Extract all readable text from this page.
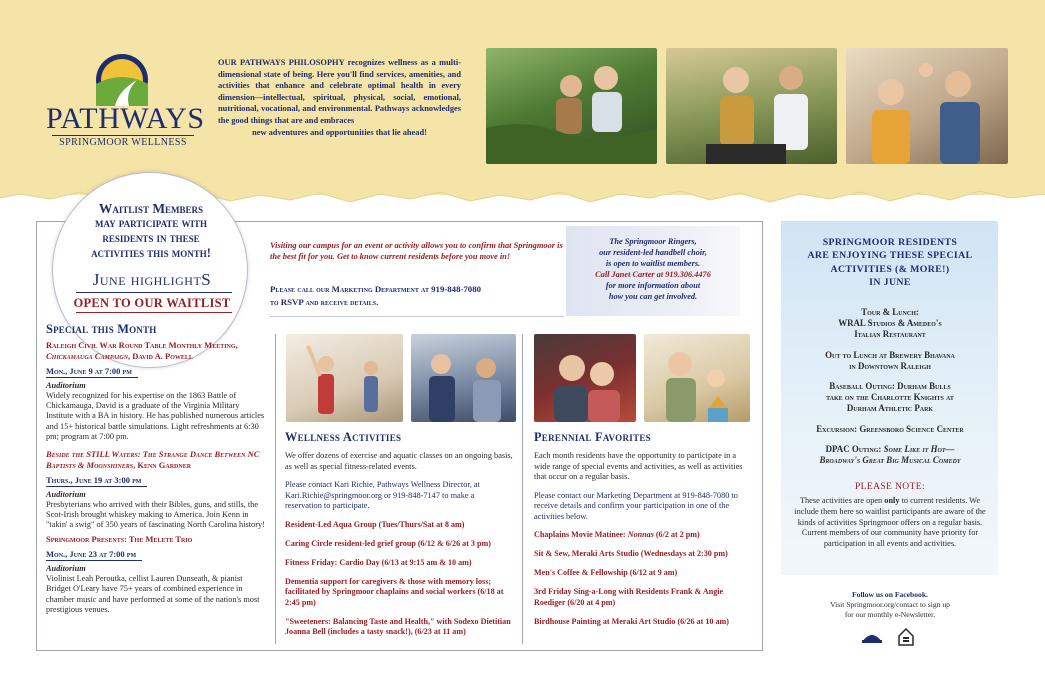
PATHWAYS
SPRINGMOOR WELLNESS
OUR PATHWAYS PHILOSOPHY recognizes wellness as a multi-dimensional state of being. Here you'll find services, amenities, and activities that enhance and celebrate optimal health in every dimension—intellectual, spiritual, physical, social, emotional, nutritional, vocational, and environmental. Pathways acknowledges the good things that are and embraces
new adventures and opportunities that lie ahead!
Waitlist Members
may participate with
residents in these
activities this month!
June highlightS
OPEN TO OUR WAITLIST
Special this Month
Raleigh Civil War Round Table Monthly Meeting, Chickamauga Campaign, David A. Powell
Mon., June 9 at 7:00 pm
Auditorium
Widely recognized for his expertise on the 1863 Battle of Chickamauga, David is a graduate of the Virginia Military Institute with a BA in history. He has published numerous articles and 15+ historical battle simulations. Light refreshments at 6:30 pm; program at 7:00 pm.
Beside the STILL Waters: The Strange Dance Between NC Baptists & Moonshiners, Kenn Gardner
Thurs., June 19 at 3:00 pm
Auditorium
Presbyterians who arrived with their Bibles, guns, and stills, the Scot-Irish brought whiskey making to America. Join Kenn in "takin' a swig" of 350 years of fascinating North Carolina history!
Springmoor Presents: The Melete Trio
Mon., June 23 at 7:00 pm
Auditorium
Violinist Leah Peroutka, cellist Lauren Dunseath, & pianist Bridget O'Leary have 75+ years of combined experience in chamber music and have performed at some of the nation's most prestigious venues.
Visiting our campus for an event or activity allows you to confirm that Springmoor is the best fit for you. Get to know current residents before you move in!
Please call our Marketing Department at 919-848-7080
to RSVP and receive details.
The Springmoor Ringers,
our resident-led handbell choir,
is open to waitlist members.
Call Janet Carter at 919.306.4476
for more information about
how you can get involved.
Wellness Activities
We offer dozens of exercise and aquatic classes on an ongoing basis, as well as special fitness-related events.
Please contact Kari Richie, Pathways Wellness Director, at Kari.Richie@springmoor.org or 919-848-7147 to make a reservation to participate.
Resident-Led Aqua Group (Tues/Thurs/Sat at 8 am)
Caring Circle resident-led grief group (6/12 & 6/26 at 3 pm)
Fitness Friday: Cardio Day (6/13 at 9:15 am & 10 am)
Dementia support for caregivers & those with memory loss; facilitated by Springmoor chaplains and social workers (6/18 at 2:45 pm)
"Sweeteners: Balancing Taste and Health," with Sodexo Dietitian Joanna Bell (includes a tasty snack!), (6/23 at 11 am)
Perennial Favorites
Each month residents have the opportunity to participate in a wide range of special events and activities, as well as activities that occur on a regular basis.
Please contact our Marketing Department at 919-848-7080 to receive details and confirm your participation in one of the activities below.
Chaplains Movie Matinee: Nonnas (6/2 at 2 pm)
Sit & Sew, Meraki Arts Studio (Wednesdays at 2:30 pm)
Men's Coffee & Fellowship (6/12 at 9 am)
3rd Friday Sing-a-Long with Residents Frank & Angie Roediger (6/20 at 4 pm)
Birdhouse Painting at Meraki Art Studio (6/26 at 10 am)
SPRINGMOOR RESIDENTS
ARE ENJOYING THESE SPECIAL
ACTIVITIES (& MORE!)
IN JUNE
Tour & Lunch:
WRAL Studios & Amedeo's
Italian Restaurant
Out to Lunch at Brewery Bhavana
in Downtown Raleigh
Baseball Outing: Durham Bulls
take on the Charlotte Knights at
Durham Athletic Park
Excursion: Greensboro Science Center
DPAC Outing: Some Like it Hot—
Broadway's Great Big Musical Comedy
PLEASE NOTE:
These activities are open only to current residents. We include them here so waitlist participants are aware of the kinds of activities Springmoor offers on a regular basis. Current members of our community have priority for participation in all events and activities.
Follow us on Facebook.
Visit Springmoor.org/contact to sign up
for our monthly e-Newsletter.
